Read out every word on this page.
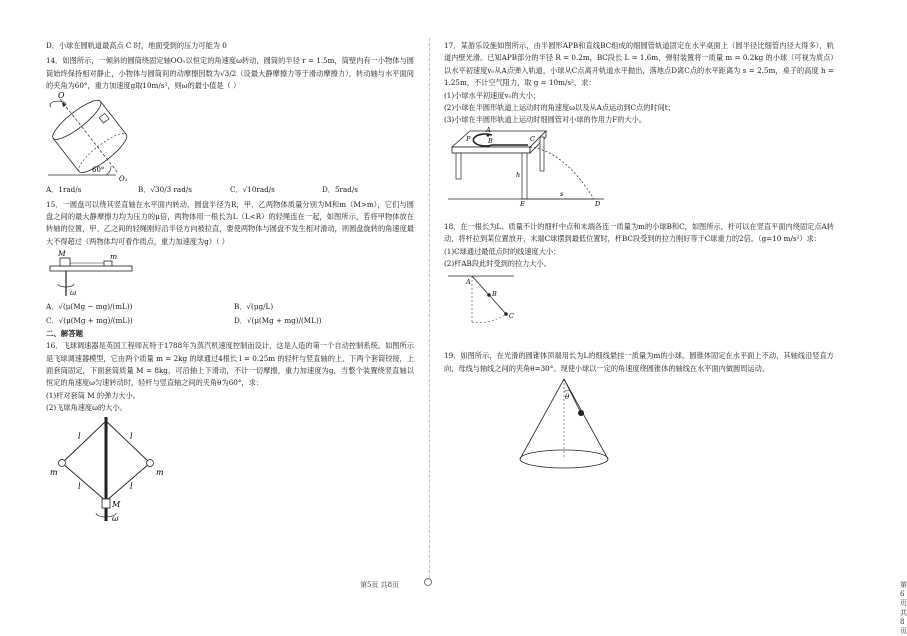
D．小球在圆轨道最高点 C 时，地面受到的压力可能为 0

14．如图所示，一倾斜的圆筒绕固定轴OO₁以恒定的角速度ω转动，圆筒的半径 r = 1.5m，筒壁内有一小物体与圆筒始终保持相对静止，小物体与圆筒间的动摩擦因数为√3/2（设最大静摩擦力等于滑动摩擦力），转动轴与水平面间的夹角为60°，重力加速度g取10m/s²，则ω的最小值是（ ）

O
O₁
60°
A．1rad/s	B．√30/3 rad/s	C．√10rad/s	D．5rad/s

15．一圆盘可以绕其竖直轴在水平面内转动，圆盘半径为R，甲、乙两物体质量分别为M和m（M>m），它们与圆盘之间的最大静摩擦力均为压力的μ倍，两物体用一根长为L（L<R）的轻绳连在一起，如图所示，若将甲物体放在转轴的位置，甲、乙之间的轻绳刚好沿半径方向被拉直，要使两物体与圆盘不发生相对滑动，则圆盘旋转的角速度最大不得超过（两物体均可看作质点，重力加速度为g）（ ）

M	m
ω
A．√(μ(Mg − mg)/(mL))	B．√(μg/L)
C．√(μ(Mg + mg)/(mL))	D．√(μ(Mg + mg)/(ML))

二、解答题

16．飞球调速器是英国工程师瓦特于1788年为蒸汽机速度控制而设计，这是人造的第一个自动控制系统。如图所示是飞球调速器模型，它由两个质量 m = 2kg 的球通过4根长 l = 0.25m 的轻杆与竖直轴的上、下两个套筒铰接，上面套筒固定，下面套筒质量 M = 8kg，可沿轴上下滑动，不计一切摩擦，重力加速度为g，当整个装置绕竖直轴以恒定的角速度ω匀速转动时，轻杆与竖直轴之间的夹角θ为60°，求：

(1)杆对套筒 M 的弹力大小。

(2)飞球角速度ω的大小。

l	l
l	l
m	m
M
ω
第5页 共8页

17．某游乐设施如图所示，由半圆形APB和直线BC组成的细圆管轨道固定在水平桌面上（圆半径比细管内径大得多），轨道内壁光滑。已知APB部分的半径 R = 0.2m，BC段长 L = 1.6m，弹射装置将一质量 m = 0.2kg 的小球（可视为质点）以水平初速度v₀从A点弹入轨道，小球从C点离开轨道水平抛出，落地点D离C点的水平距离为 s = 2.5m，桌子的高度 h = 1.25m，不计空气阻力，取 g = 10m/s²，求：

(1)小球水平初速度v₀的大小；

(2)小球在半圆形轨道上运动时的角速度ω以及从A点运动到C点的时间t；

(3)小球在半圆形轨道上运动时细圆管对小球的作用力F的大小。

A
P	B	C
h
E
s
D

18．在一根长为L、质量不计的细杆中点和末端各连一质量为m的小球B和C，如图所示，杆可以在竖直平面内绕固定点A转动，将杆拉到某位置放开，末端C球摆到最低位置时，杆BC段受到的拉力刚好等于C球重力的2倍。（g=10 m/s²）求：

(1)C球通过最低点时的线速度大小；

(2)杆AB段此时受到的拉力大小。

A
B
C

19．如图所示，在光滑的圆锥体顶端用长为L的细线悬挂一质量为m的小球。圆锥体固定在水平面上不动，其轴线沿竖直方向，母线与轴线之间的夹角θ=30°。现使小球以一定的角速度绕圆锥体的轴线在水平面内做圆周运动。

θ
第6页 共8页
